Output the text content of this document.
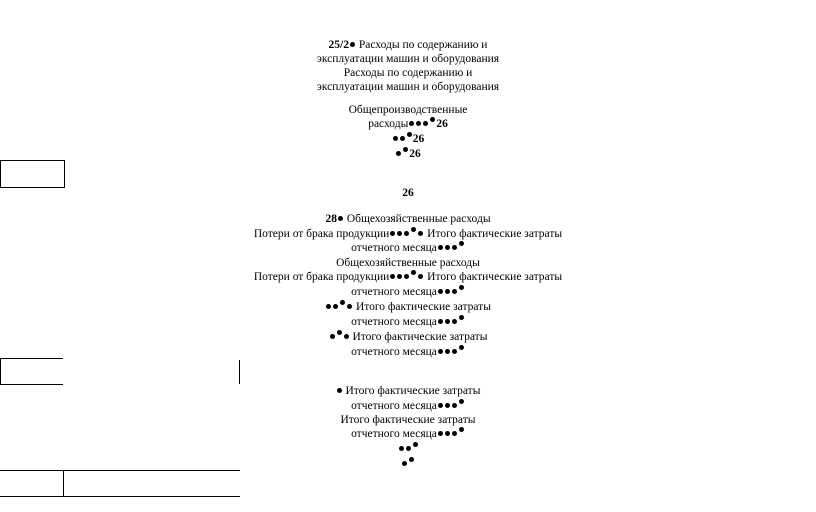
25/2 Расходы по содержанию и
эксплуатации машин и оборудования
Расходы по содержанию и
эксплуатации машин и оборудования
Общепроизводственные
расходы 26
26
26
26
28 Общехозяйственные расходы
Потери от брака продукции	Итого фактические затраты
отчетного месяца
Общехозяйственные расходы
Потери от брака продукции	Итого фактические затраты
отчетного месяца
Итого фактические затраты
отчетного месяца
Итого фактические затраты
отчетного месяца
Итого фактические затраты
отчетного месяца
Итого фактические затраты
отчетного месяца
